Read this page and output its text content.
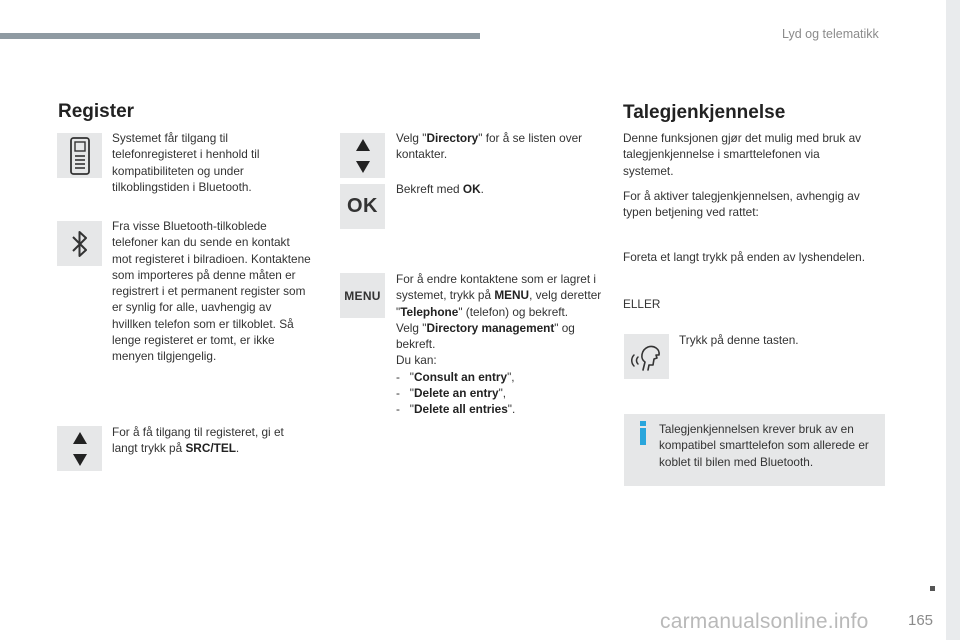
Lyd og telematikk
Register
Systemet får tilgang til telefonregisteret i henhold til kompatibiliteten og under tilkoblingstiden i Bluetooth.
Fra visse Bluetooth-tilkoblede telefoner kan du sende en kontakt mot registeret i bilradioen. Kontaktene som importeres på denne måten er registrert i et permanent register som er synlig for alle, uavhengig av hvillken telefon som er tilkoblet. Så lenge registeret er tomt, er ikke menyen tilgjengelig.
For å få tilgang til registeret, gi et langt trykk på SRC/TEL.
Velg "Directory" for å se listen over kontakter.
OK
Bekreft med OK.
MENU
For å endre kontaktene som er lagret i systemet, trykk på MENU, velg deretter "Telephone" (telefon) og bekreft.
Velg "Directory management" og bekreft.
Du kan:
- "Consult an entry",
- "Delete an entry",
- "Delete all entries".
Talegjenkjennelse
Denne funksjonen gjør det mulig med bruk av talegjenkjennelse i smarttelefonen via systemet.
For å aktiver talegjenkjennelsen, avhengig av typen betjening ved rattet:
Foreta et langt trykk på enden av lyshendelen.
ELLER
Trykk på denne tasten.
Talegjenkjennelsen krever bruk av en kompatibel smarttelefon som allerede er koblet til bilen med Bluetooth.
165
carmanualsonline.info
